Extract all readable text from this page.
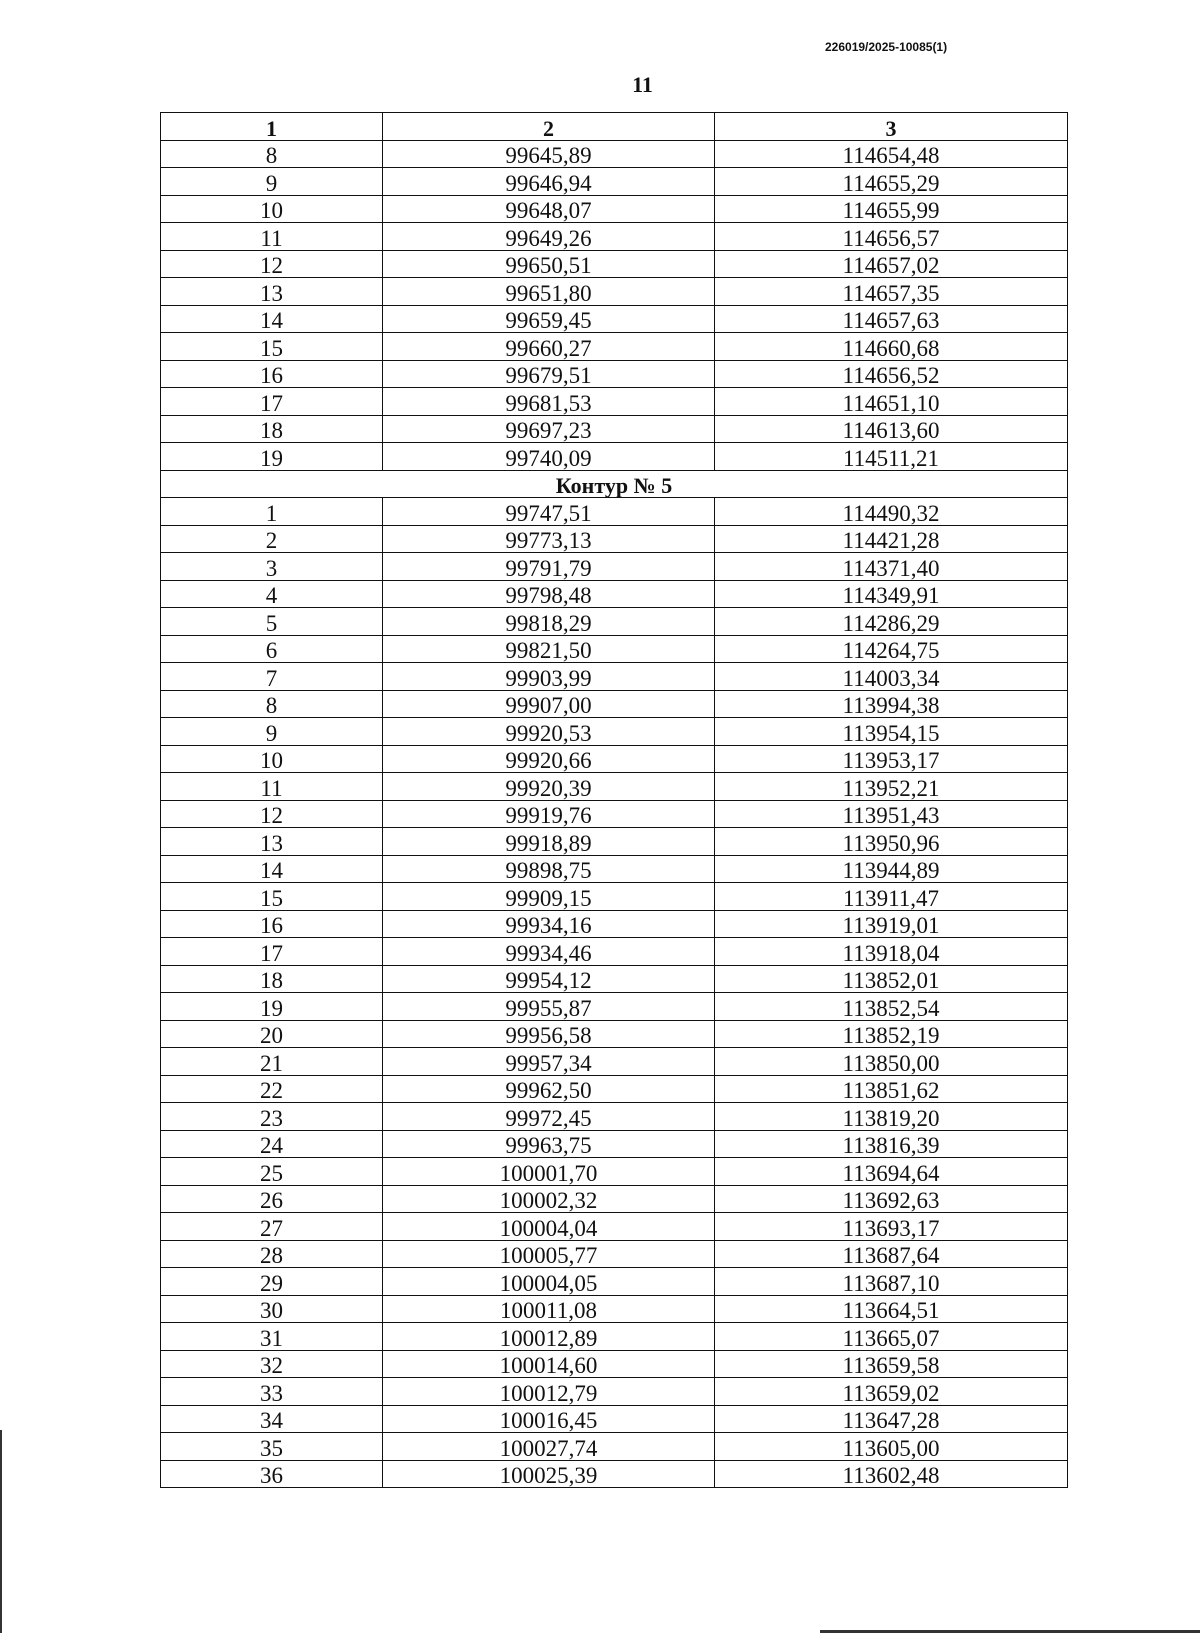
226019/2025-10085(1)
11
1	2	3
8	99645,89	114654,48
9	99646,94	114655,29
10	99648,07	114655,99
11	99649,26	114656,57
12	99650,51	114657,02
13	99651,80	114657,35
14	99659,45	114657,63
15	99660,27	114660,68
16	99679,51	114656,52
17	99681,53	114651,10
18	99697,23	114613,60
19	99740,09	114511,21
Контур № 5		
1	99747,51	114490,32
2	99773,13	114421,28
3	99791,79	114371,40
4	99798,48	114349,91
5	99818,29	114286,29
6	99821,50	114264,75
7	99903,99	114003,34
8	99907,00	113994,38
9	99920,53	113954,15
10	99920,66	113953,17
11	99920,39	113952,21
12	99919,76	113951,43
13	99918,89	113950,96
14	99898,75	113944,89
15	99909,15	113911,47
16	99934,16	113919,01
17	99934,46	113918,04
18	99954,12	113852,01
19	99955,87	113852,54
20	99956,58	113852,19
21	99957,34	113850,00
22	99962,50	113851,62
23	99972,45	113819,20
24	99963,75	113816,39
25	100001,70	113694,64
26	100002,32	113692,63
27	100004,04	113693,17
28	100005,77	113687,64
29	100004,05	113687,10
30	100011,08	113664,51
31	100012,89	113665,07
32	100014,60	113659,58
33	100012,79	113659,02
34	100016,45	113647,28
35	100027,74	113605,00
36	100025,39	113602,48
